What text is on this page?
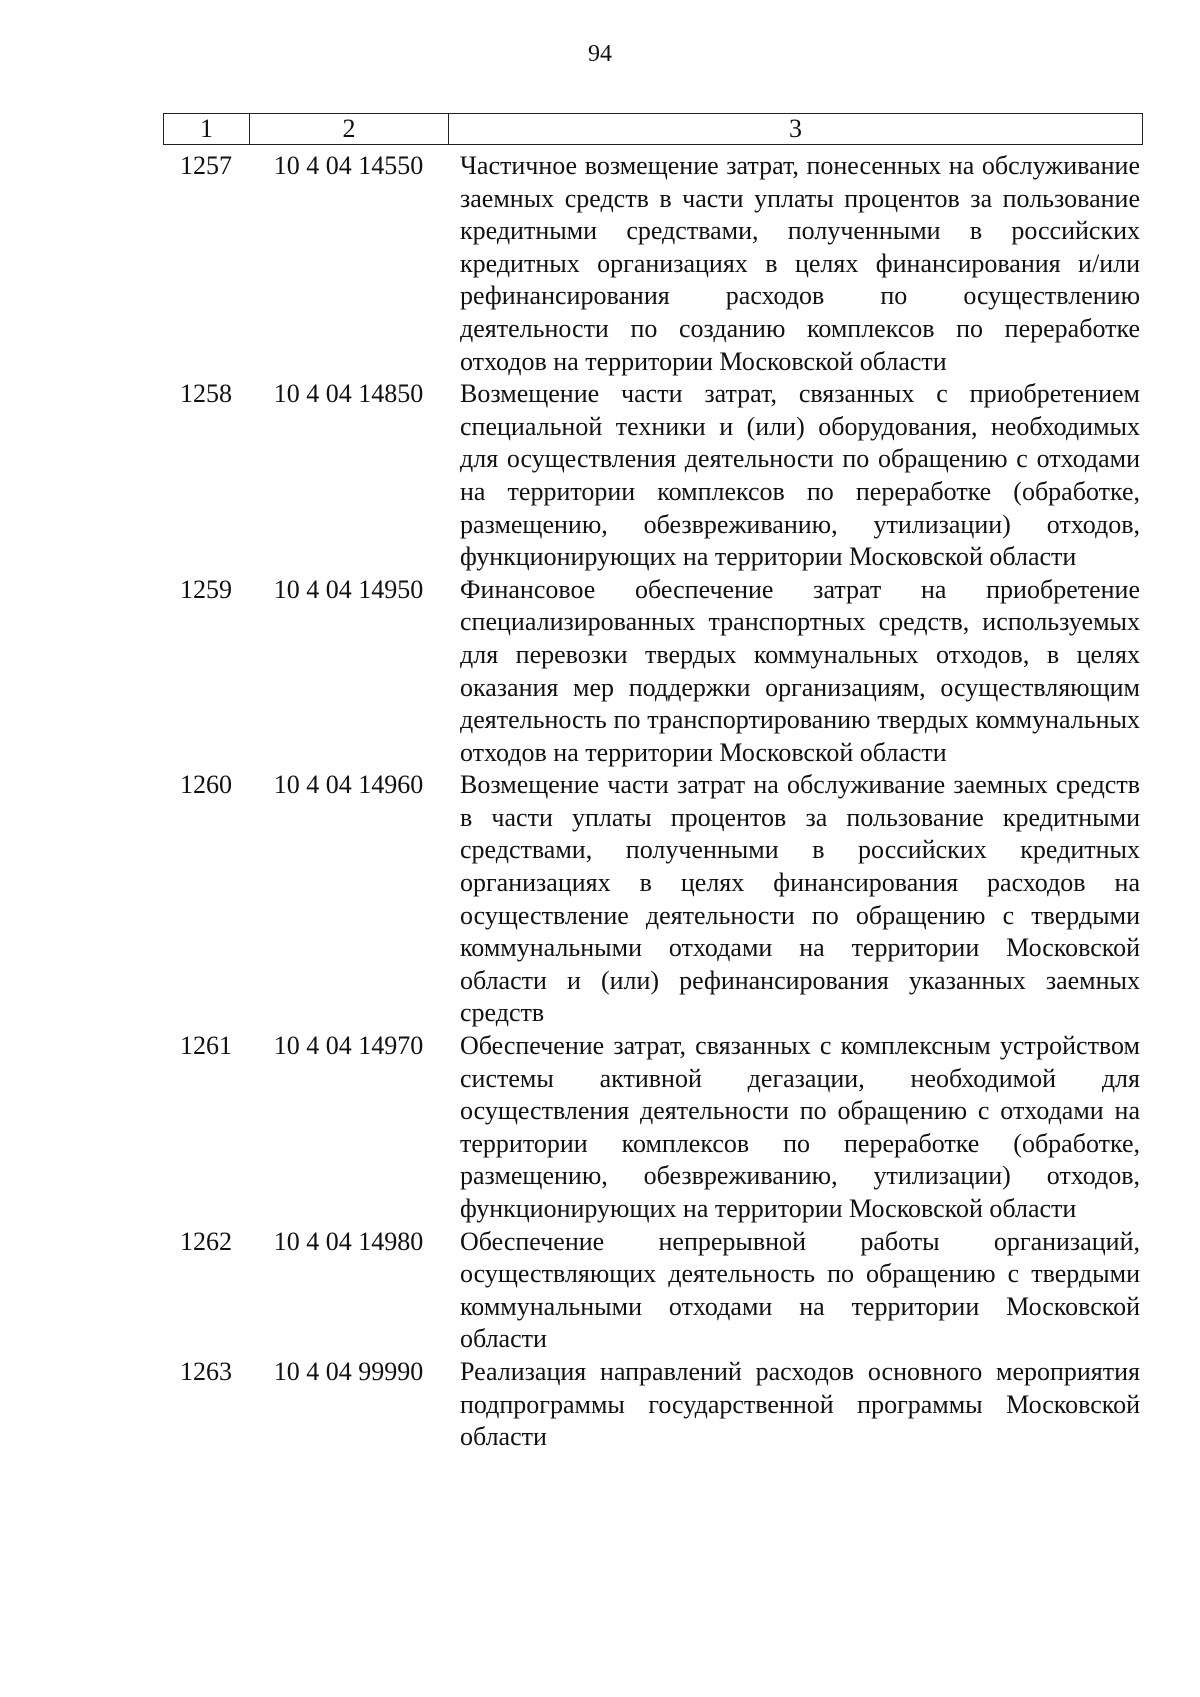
94
1	2	3
1257	10 4 04 14550	Частичное возмещение затрат, понесенных на обслуживание заемных средств в части уплаты процентов за пользование кредитными средствами, полученными в российских кредитных организациях в целях финансирования и/или рефинансирования расходов по осуществлению деятельности по созданию комплексов по переработке отходов на территории Московской области
1258	10 4 04 14850	Возмещение части затрат, связанных с приобретением специальной техники и (или) оборудования, необходимых для осуществления деятельности по обращению с отходами на территории комплексов по переработке (обработке, размещению, обезвреживанию, утилизации) отходов, функционирующих на территории Московской области
1259	10 4 04 14950	Финансовое обеспечение затрат на приобретение специализированных транспортных средств, используемых для перевозки твердых коммунальных отходов, в целях оказания мер поддержки организациям, осуществляющим деятельность по транспортированию твердых коммунальных отходов на территории Московской области
1260	10 4 04 14960	Возмещение части затрат на обслуживание заемных средств в части уплаты процентов за пользование кредитными средствами, полученными в российских кредитных организациях в целях финансирования расходов на осуществление деятельности по обращению с твердыми коммунальными отходами на территории Московской области и (или) рефинансирования указанных заемных средств
1261	10 4 04 14970	Обеспечение затрат, связанных с комплексным устройством системы активной дегазации, необходимой для осуществления деятельности по обращению с отходами на территории комплексов по переработке (обработке, размещению, обезвреживанию, утилизации) отходов, функционирующих на территории Московской области
1262	10 4 04 14980	Обеспечение непрерывной работы организаций, осуществляющих деятельность по обращению с твердыми коммунальными отходами на территории Московской области
1263	10 4 04 99990	Реализация направлений расходов основного мероприятия подпрограммы государственной программы Московской области
